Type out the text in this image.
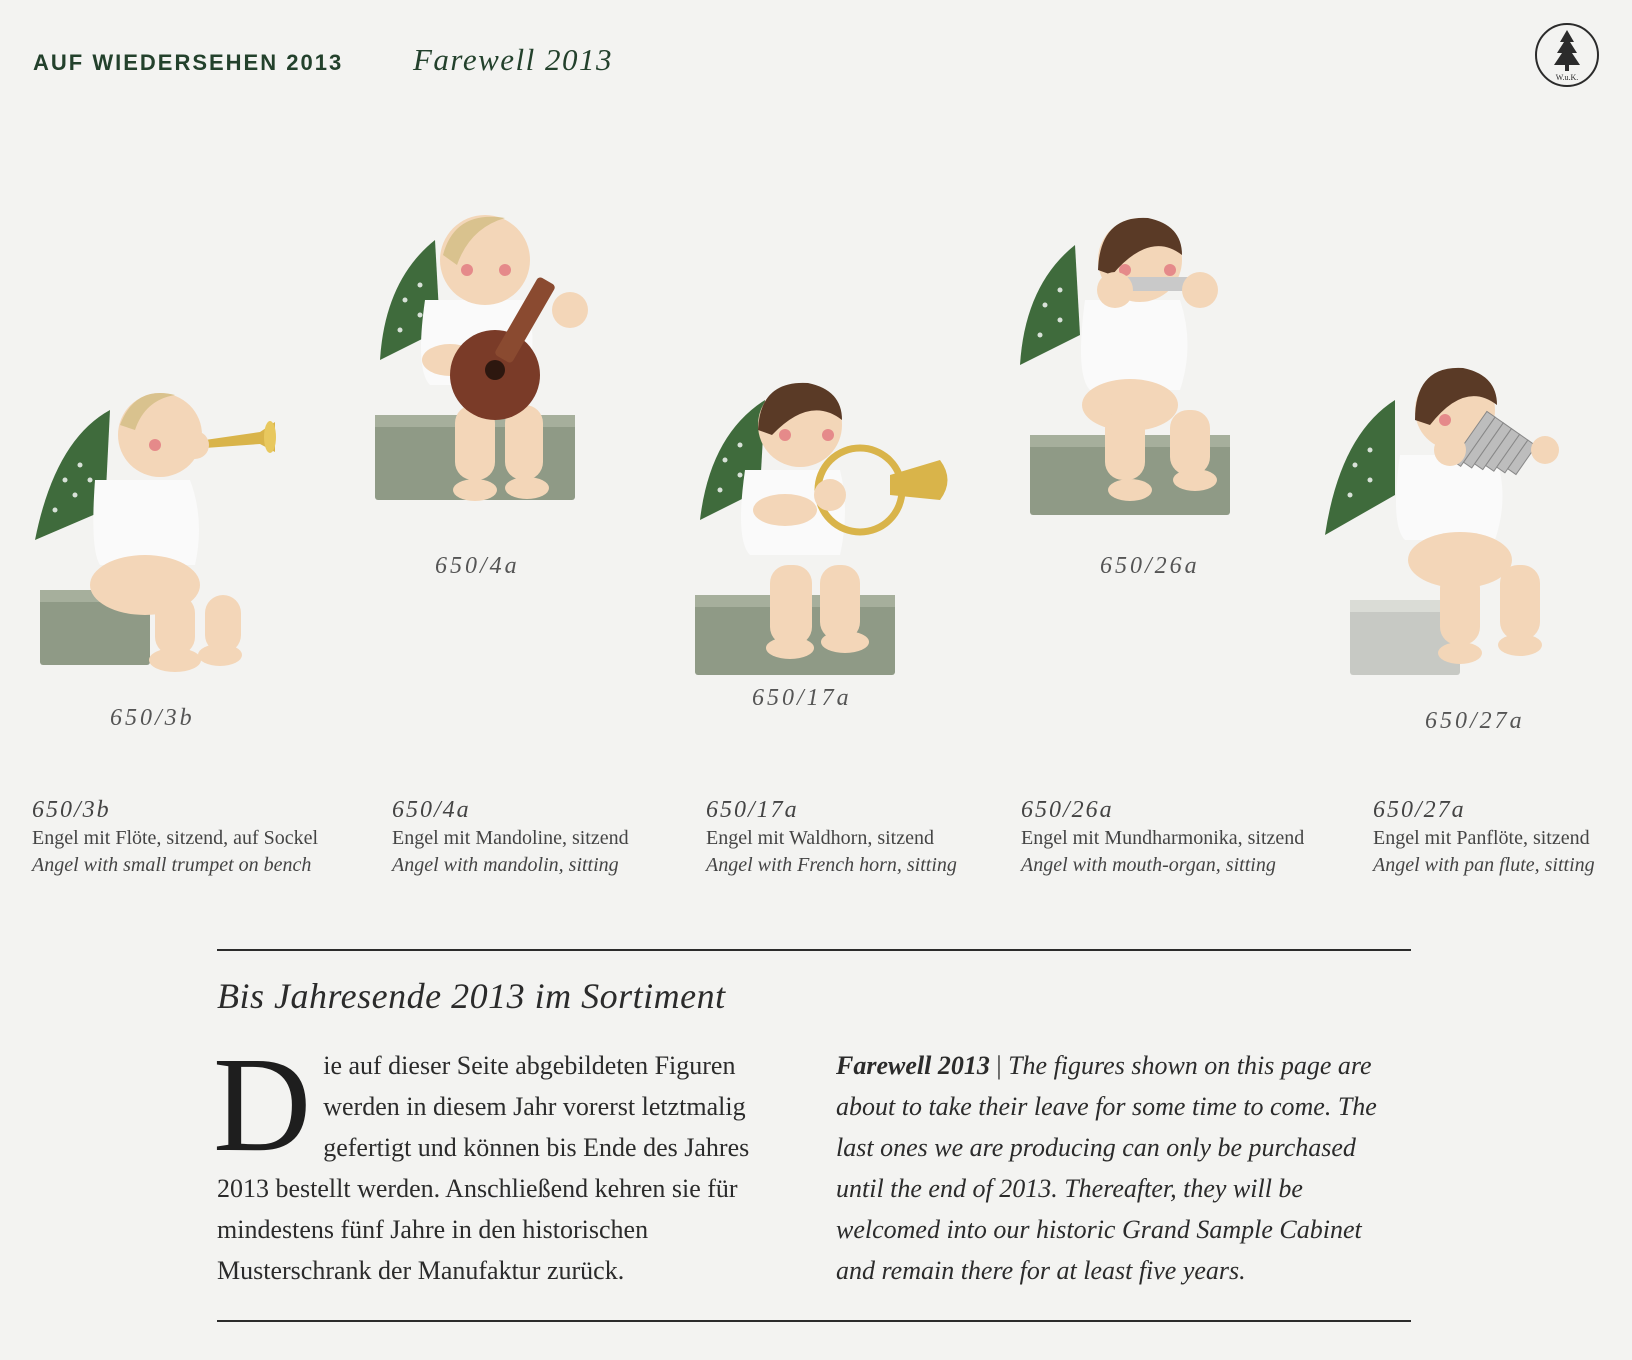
AUF WIEDERSEHEN 2013 Farewell 2013
W.u.K.
650/3b
650/4a
650/17a
650/26a
650/27a
650/3b
Engel mit Flöte, sitzend, auf Sockel
Angel with small trumpet on bench
650/4a
Engel mit Mandoline, sitzend
Angel with mandolin, sitting
650/17a
Engel mit Waldhorn, sitzend
Angel with French horn, sitting
650/26a
Engel mit Mundharmonika, sitzend
Angel with mouth-organ, sitting
650/27a
Engel mit Panflöte, sitzend
Angel with pan flute, sitting
Bis Jahresende 2013 im Sortiment
D ie auf dieser Seite abgebildeten Figuren werden in diesem Jahr vorerst letztmalig gefertigt und können bis Ende des Jahres 2013 bestellt werden. Anschließend kehren sie für mindestens fünf Jahre in den historischen Musterschrank der Manufaktur zurück.
Farewell 2013 | The figures shown on this page are about to take their leave for some time to come. The last ones we are producing can only be purchased until the end of 2013. Thereafter, they will be welcomed into our historic Grand Sample Cabinet and remain there for at least five years.
